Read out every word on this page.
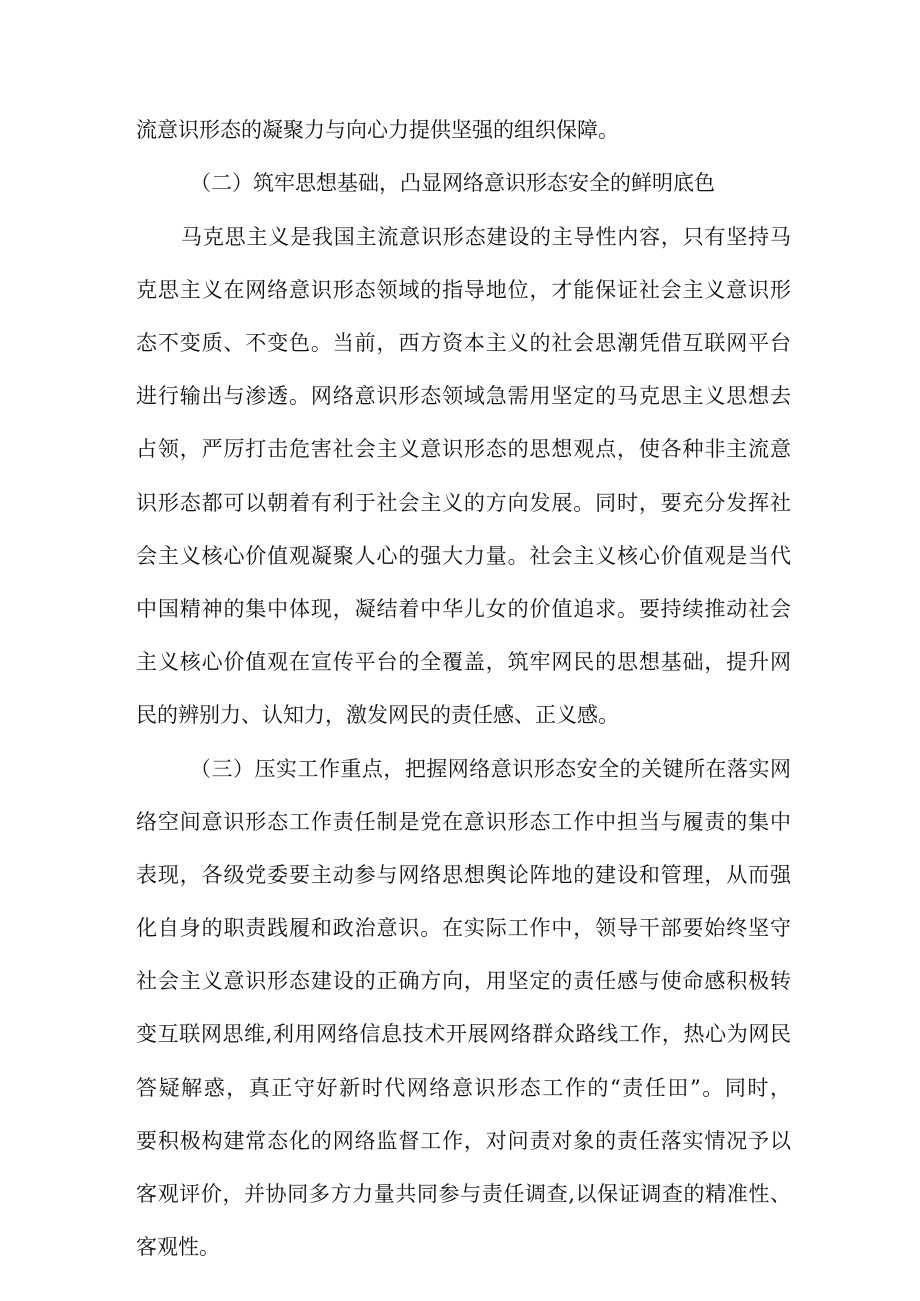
流意识形态的凝聚力与向心力提供坚强的组织保障。
（二）筑牢思想基础，凸显网络意识形态安全的鲜明底色
马克思主义是我国主流意识形态建设的主导性内容，只有坚持马
克思主义在网络意识形态领域的指导地位，才能保证社会主义意识形
态不变质、不变色。当前，西方资本主义的社会思潮凭借互联网平台
进行输出与渗透。网络意识形态领域急需用坚定的马克思主义思想去
占领，严厉打击危害社会主义意识形态的思想观点，使各种非主流意
识形态都可以朝着有利于社会主义的方向发展。同时，要充分发挥社
会主义核心价值观凝聚人心的强大力量。社会主义核心价值观是当代
中国精神的集中体现，凝结着中华儿女的价值追求。要持续推动社会
主义核心价值观在宣传平台的全覆盖，筑牢网民的思想基础，提升网
民的辨别力、认知力，激发网民的责任感、正义感。
（三）压实工作重点，把握网络意识形态安全的关键所在落实网
络空间意识形态工作责任制是党在意识形态工作中担当与履责的集中
表现，各级党委要主动参与网络思想舆论阵地的建设和管理，从而强
化自身的职责践履和政治意识。在实际工作中，领导干部要始终坚守
社会主义意识形态建设的正确方向，用坚定的责任感与使命感积极转
变互联网思维,利用网络信息技术开展网络群众路线工作，热心为网民
答疑解惑，真正守好新时代网络意识形态工作的“责任田”。同时，
要积极构建常态化的网络监督工作，对问责对象的责任落实情况予以
客观评价，并协同多方力量共同参与责任调查,以保证调查的精准性、
客观性。
